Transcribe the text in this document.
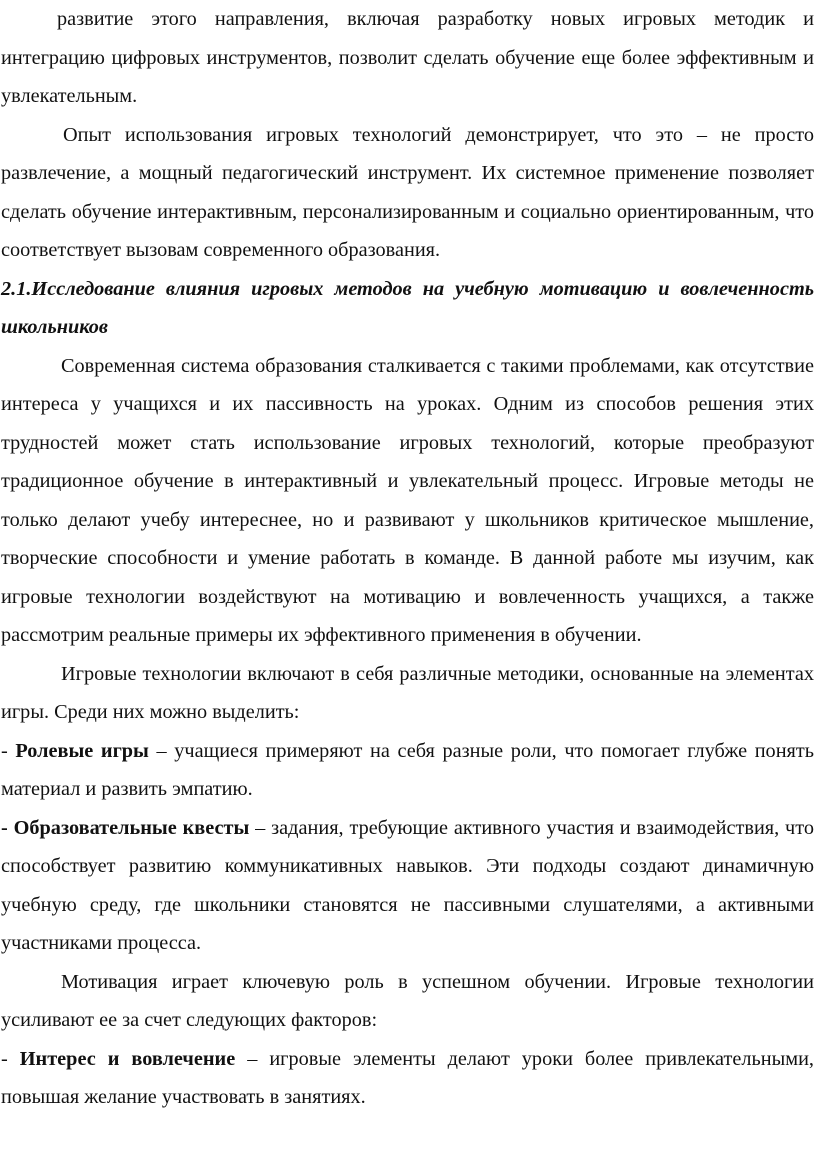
развитие этого направления, включая разработку новых игровых методик и интеграцию цифровых инструментов, позволит сделать обучение еще более эффективным и увлекательным.

Опыт использования игровых технологий демонстрирует, что это – не просто развлечение, а мощный педагогический инструмент. Их системное применение позволяет сделать обучение интерактивным, персонализированным и социально ориентированным, что соответствует вызовам современного образования.

2.1.Исследование влияния игровых методов на учебную мотивацию и вовлеченность школьников

Современная система образования сталкивается с такими проблемами, как отсутствие интереса у учащихся и их пассивность на уроках. Одним из способов решения этих трудностей может стать использование игровых технологий, которые преобразуют традиционное обучение в интерактивный и увлекательный процесс. Игровые методы не только делают учебу интереснее, но и развивают у школьников критическое мышление, творческие способности и умение работать в команде. В данной работе мы изучим, как игровые технологии воздействуют на мотивацию и вовлеченность учащихся, а также рассмотрим реальные примеры их эффективного применения в обучении.

Игровые технологии включают в себя различные методики, основанные на элементах игры. Среди них можно выделить:

- Ролевые игры – учащиеся примеряют на себя разные роли, что помогает глубже понять материал и развить эмпатию.

- Образовательные квесты – задания, требующие активного участия и взаимодействия, что способствует развитию коммуникативных навыков. Эти подходы создают динамичную учебную среду, где школьники становятся не пассивными слушателями, а активными участниками процесса.

Мотивация играет ключевую роль в успешном обучении. Игровые технологии усиливают ее за счет следующих факторов:

- Интерес и вовлечение – игровые элементы делают уроки более привлекательными, повышая желание участвовать в занятиях.
